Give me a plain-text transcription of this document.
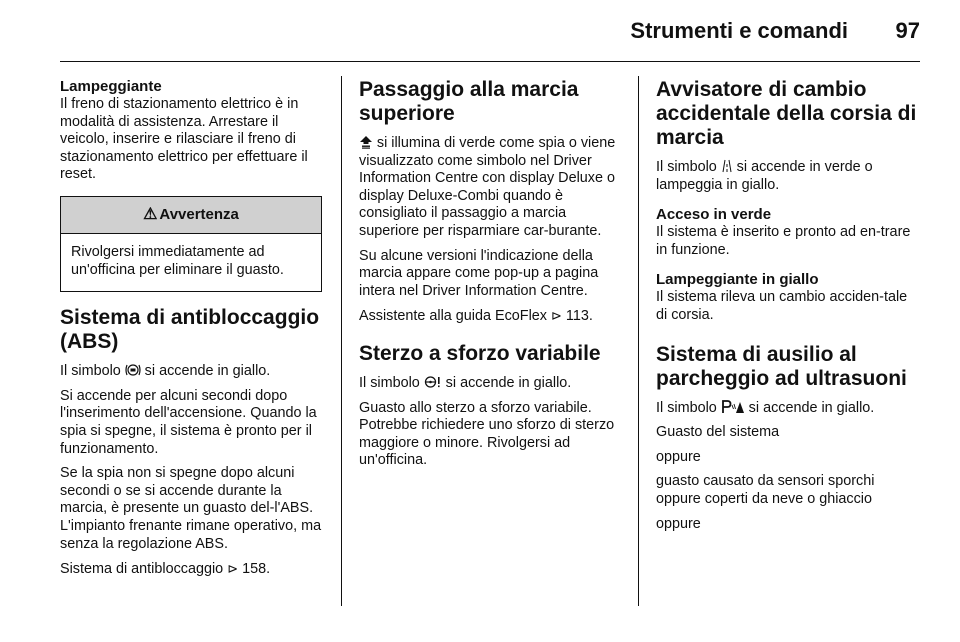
Strumenti e comandi 97

Lampeggiante

Il freno di stazionamento elettrico è in modalità di assistenza. Arrestare il veicolo, inserire e rilasciare il freno di stazionamento elettrico per effettuare il reset.

⚠ Avvertenza
Rivolgersi immediatamente ad un'officina per eliminare il guasto.

Sistema di antibloccaggio (ABS)

Il simbolo si accende in giallo.

Si accende per alcuni secondi dopo l'inserimento dell'accensione. Quando la spia si spegne, il sistema è pronto per il funzionamento.

Se la spia non si spegne dopo alcuni secondi o se si accende durante la marcia, è presente un guasto del-l'ABS. L'impianto frenante rimane operativo, ma senza la regolazione ABS.

Sistema di antibloccaggio ⊳ 158.

Passaggio alla marcia superiore

si illumina di verde come spia o viene visualizzato come simbolo nel Driver Information Centre con display Deluxe o display Deluxe-Combi quando è consigliato il passaggio a marcia superiore per risparmiare car-burante.

Su alcune versioni l'indicazione della marcia appare come pop-up a pagina intera nel Driver Information Centre.

Assistente alla guida EcoFlex ⊳ 113.

Sterzo a sforzo variabile

Il simbolo si accende in giallo.

Guasto allo sterzo a sforzo variabile. Potrebbe richiedere uno sforzo di sterzo maggiore o minore. Rivolgersi ad un'officina.

Avvisatore di cambio accidentale della corsia di marcia

Il simbolo si accende in verde o lampeggia in giallo.

Acceso in verde

Il sistema è inserito e pronto ad en-trare in funzione.

Lampeggiante in giallo

Il sistema rileva un cambio acciden-tale di corsia.

Sistema di ausilio al parcheggio ad ultrasuoni

Il simbolo si accende in giallo.

Guasto del sistema

oppure

guasto causato da sensori sporchi oppure coperti da neve o ghiaccio

oppure
